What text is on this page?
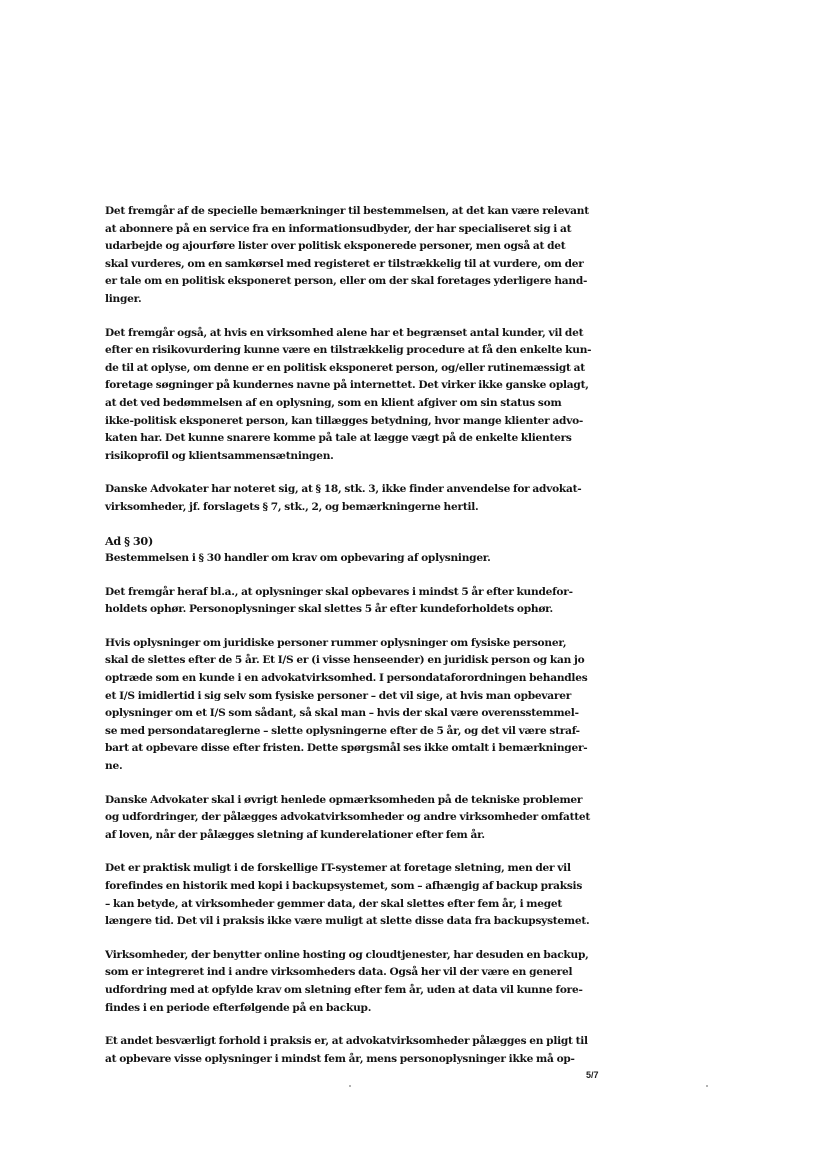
Det fremgår af de specielle bemærkninger til bestemmelsen, at det kan være relevant
at abonnere på en service fra en informationsudbyder, der har specialiseret sig i at
udarbejde og ajourføre lister over politisk eksponerede personer, men også at det
skal vurderes, om en samkørsel med registeret er tilstrækkelig til at vurdere, om der
er tale om en politisk eksponeret person, eller om der skal foretages yderligere hand-
linger.
Det fremgår også, at hvis en virksomhed alene har et begrænset antal kunder, vil det
efter en risikovurdering kunne være en tilstrækkelig procedure at få den enkelte kun-
de til at oplyse, om denne er en politisk eksponeret person, og/eller rutinemæssigt at
foretage søgninger på kundernes navne på internettet. Det virker ikke ganske oplagt,
at det ved bedømmelsen af en oplysning, som en klient afgiver om sin status som
ikke-politisk eksponeret person, kan tillægges betydning, hvor mange klienter advo-
katen har. Det kunne snarere komme på tale at lægge vægt på de enkelte klienters
risikoprofil og klientsammensætningen.
Danske Advokater har noteret sig, at § 18, stk. 3, ikke finder anvendelse for advokat-
virksomheder, jf. forslagets § 7, stk., 2, og bemærkningerne hertil.
Ad § 30)
Bestemmelsen i § 30 handler om krav om opbevaring af oplysninger.
Det fremgår heraf bl.a., at oplysninger skal opbevares i mindst 5 år efter kundefor-
holdets ophør. Personoplysninger skal slettes 5 år efter kundeforholdets ophør.
Hvis oplysninger om juridiske personer rummer oplysninger om fysiske personer,
skal de slettes efter de 5 år. Et I/S er (i visse henseender) en juridisk person og kan jo
optræde som en kunde i en advokatvirksomhed. I persondataforordningen behandles
et I/S imidlertid i sig selv som fysiske personer – det vil sige, at hvis man opbevarer
oplysninger om et I/S som sådant, så skal man – hvis der skal være overensstemmel-
se med persondatareglerne – slette oplysningerne efter de 5 år, og det vil være straf-
bart at opbevare disse efter fristen. Dette spørgsmål ses ikke omtalt i bemærkninger-
ne.
Danske Advokater skal i øvrigt henlede opmærksomheden på de tekniske problemer
og udfordringer, der pålægges advokatvirksomheder og andre virksomheder omfattet
af loven, når der pålægges sletning af kunderelationer efter fem år.
Det er praktisk muligt i de forskellige IT-systemer at foretage sletning, men der vil
forefindes en historik med kopi i backupsystemet, som – afhængig af backup praksis
– kan betyde, at virksomheder gemmer data, der skal slettes efter fem år, i meget
længere tid. Det vil i praksis ikke være muligt at slette disse data fra backupsystemet.
Virksomheder, der benytter online hosting og cloudtjenester, har desuden en backup,
som er integreret ind i andre virksomheders data. Også her vil der være en generel
udfordring med at opfylde krav om sletning efter fem år, uden at data vil kunne fore-
findes i en periode efterfølgende på en backup.
Et andet besværligt forhold i praksis er, at advokatvirksomheder pålægges en pligt til
at opbevare visse oplysninger i mindst fem år, mens personoplysninger ikke må op-
5/7
